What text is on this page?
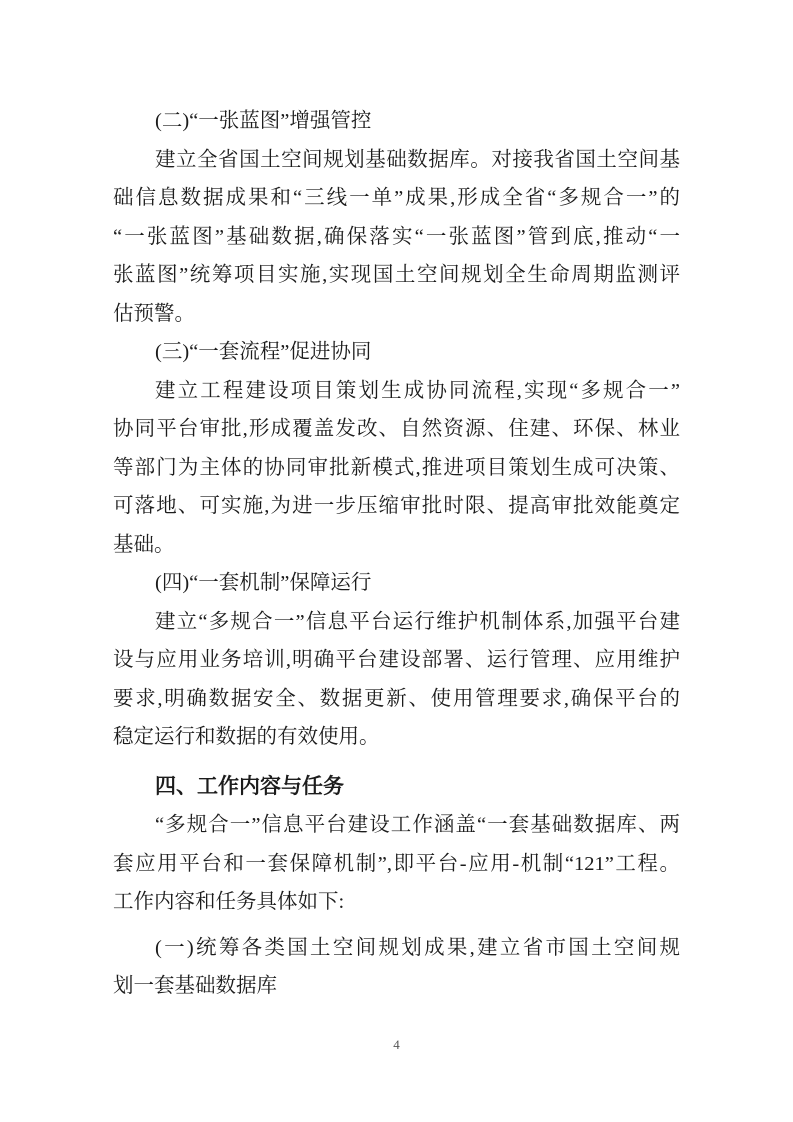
(二)“一张蓝图”增强管控
建立全省国土空间规划基础数据库。对接我省国土空间基
础信息数据成果和“三线一单”成果,形成全省“多规合一”的
“一张蓝图”基础数据,确保落实“一张蓝图”管到底,推动“一
张蓝图”统筹项目实施,实现国土空间规划全生命周期监测评
估预警。
(三)“一套流程”促进协同
建立工程建设项目策划生成协同流程,实现“多规合一”
协同平台审批,形成覆盖发改、自然资源、住建、环保、林业
等部门为主体的协同审批新模式,推进项目策划生成可决策、
可落地、可实施,为进一步压缩审批时限、提高审批效能奠定
基础。
(四)“一套机制”保障运行
建立“多规合一”信息平台运行维护机制体系,加强平台建
设与应用业务培训,明确平台建设部署、运行管理、应用维护
要求,明确数据安全、数据更新、使用管理要求,确保平台的
稳定运行和数据的有效使用。
四、工作内容与任务
“多规合一”信息平台建设工作涵盖“一套基础数据库、两
套应用平台和一套保障机制”,即平台-应用-机制“121”工程。
工作内容和任务具体如下:
(一)统筹各类国土空间规划成果,建立省市国土空间规
划一套基础数据库
4
